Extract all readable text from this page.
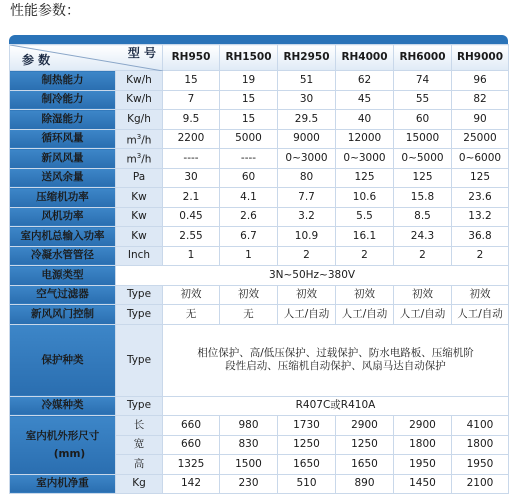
性能参数：
型 号
参 数		RH950	RH1500	RH2950	RH4000	RH6000	RH9000
制热能力	Kw/h	15	19	51	62	74	96
制冷能力	Kw/h	7	15	30	45	55	82
除湿能力	Kg/h	9.5	15	29.5	40	60	90
循环风量	$m^3/h$	2200	5000	9000	12000	15000	25000
新风风量	$m^3/h$	----	----	0~3000	0~3000	0~5000	0~6000
送风余量	Pa	30	60	80	125	125	125
压缩机功率	Kw	2.1	4.1	7.7	10.6	15.8	23.6
风机功率	Kw	0.45	2.6	3.2	5.5	8.5	13.2
室内机总输入功率	Kw	2.55	6.7	10.9	16.1	24.3	36.8
冷凝水管管径	Inch	1	1	2	2	2	2
电源类型	3N~50Hz~380V						
空气过滤器	Type	初效	初效	初效	初效	初效	初效
新风风门控制	Type	无	无	人工/自动	人工/自动	人工/自动	人工/自动
保护种类	Type	相位保护、高/低压保护、过载保护、防水电路板、压缩机阶
段性启动、压缩机自动保护、风扇马达自动保护					

冷媒种类	Type	R407C或R410A					

室内机外形尺寸
(mm)	长	660	980	1730	2900	2900	4100
	宽	660	830	1250	1250	1800	1800
	高	1325	1500	1650	1650	1950	1950
室内机净重	Kg	142	230	510	890	1450	2100
